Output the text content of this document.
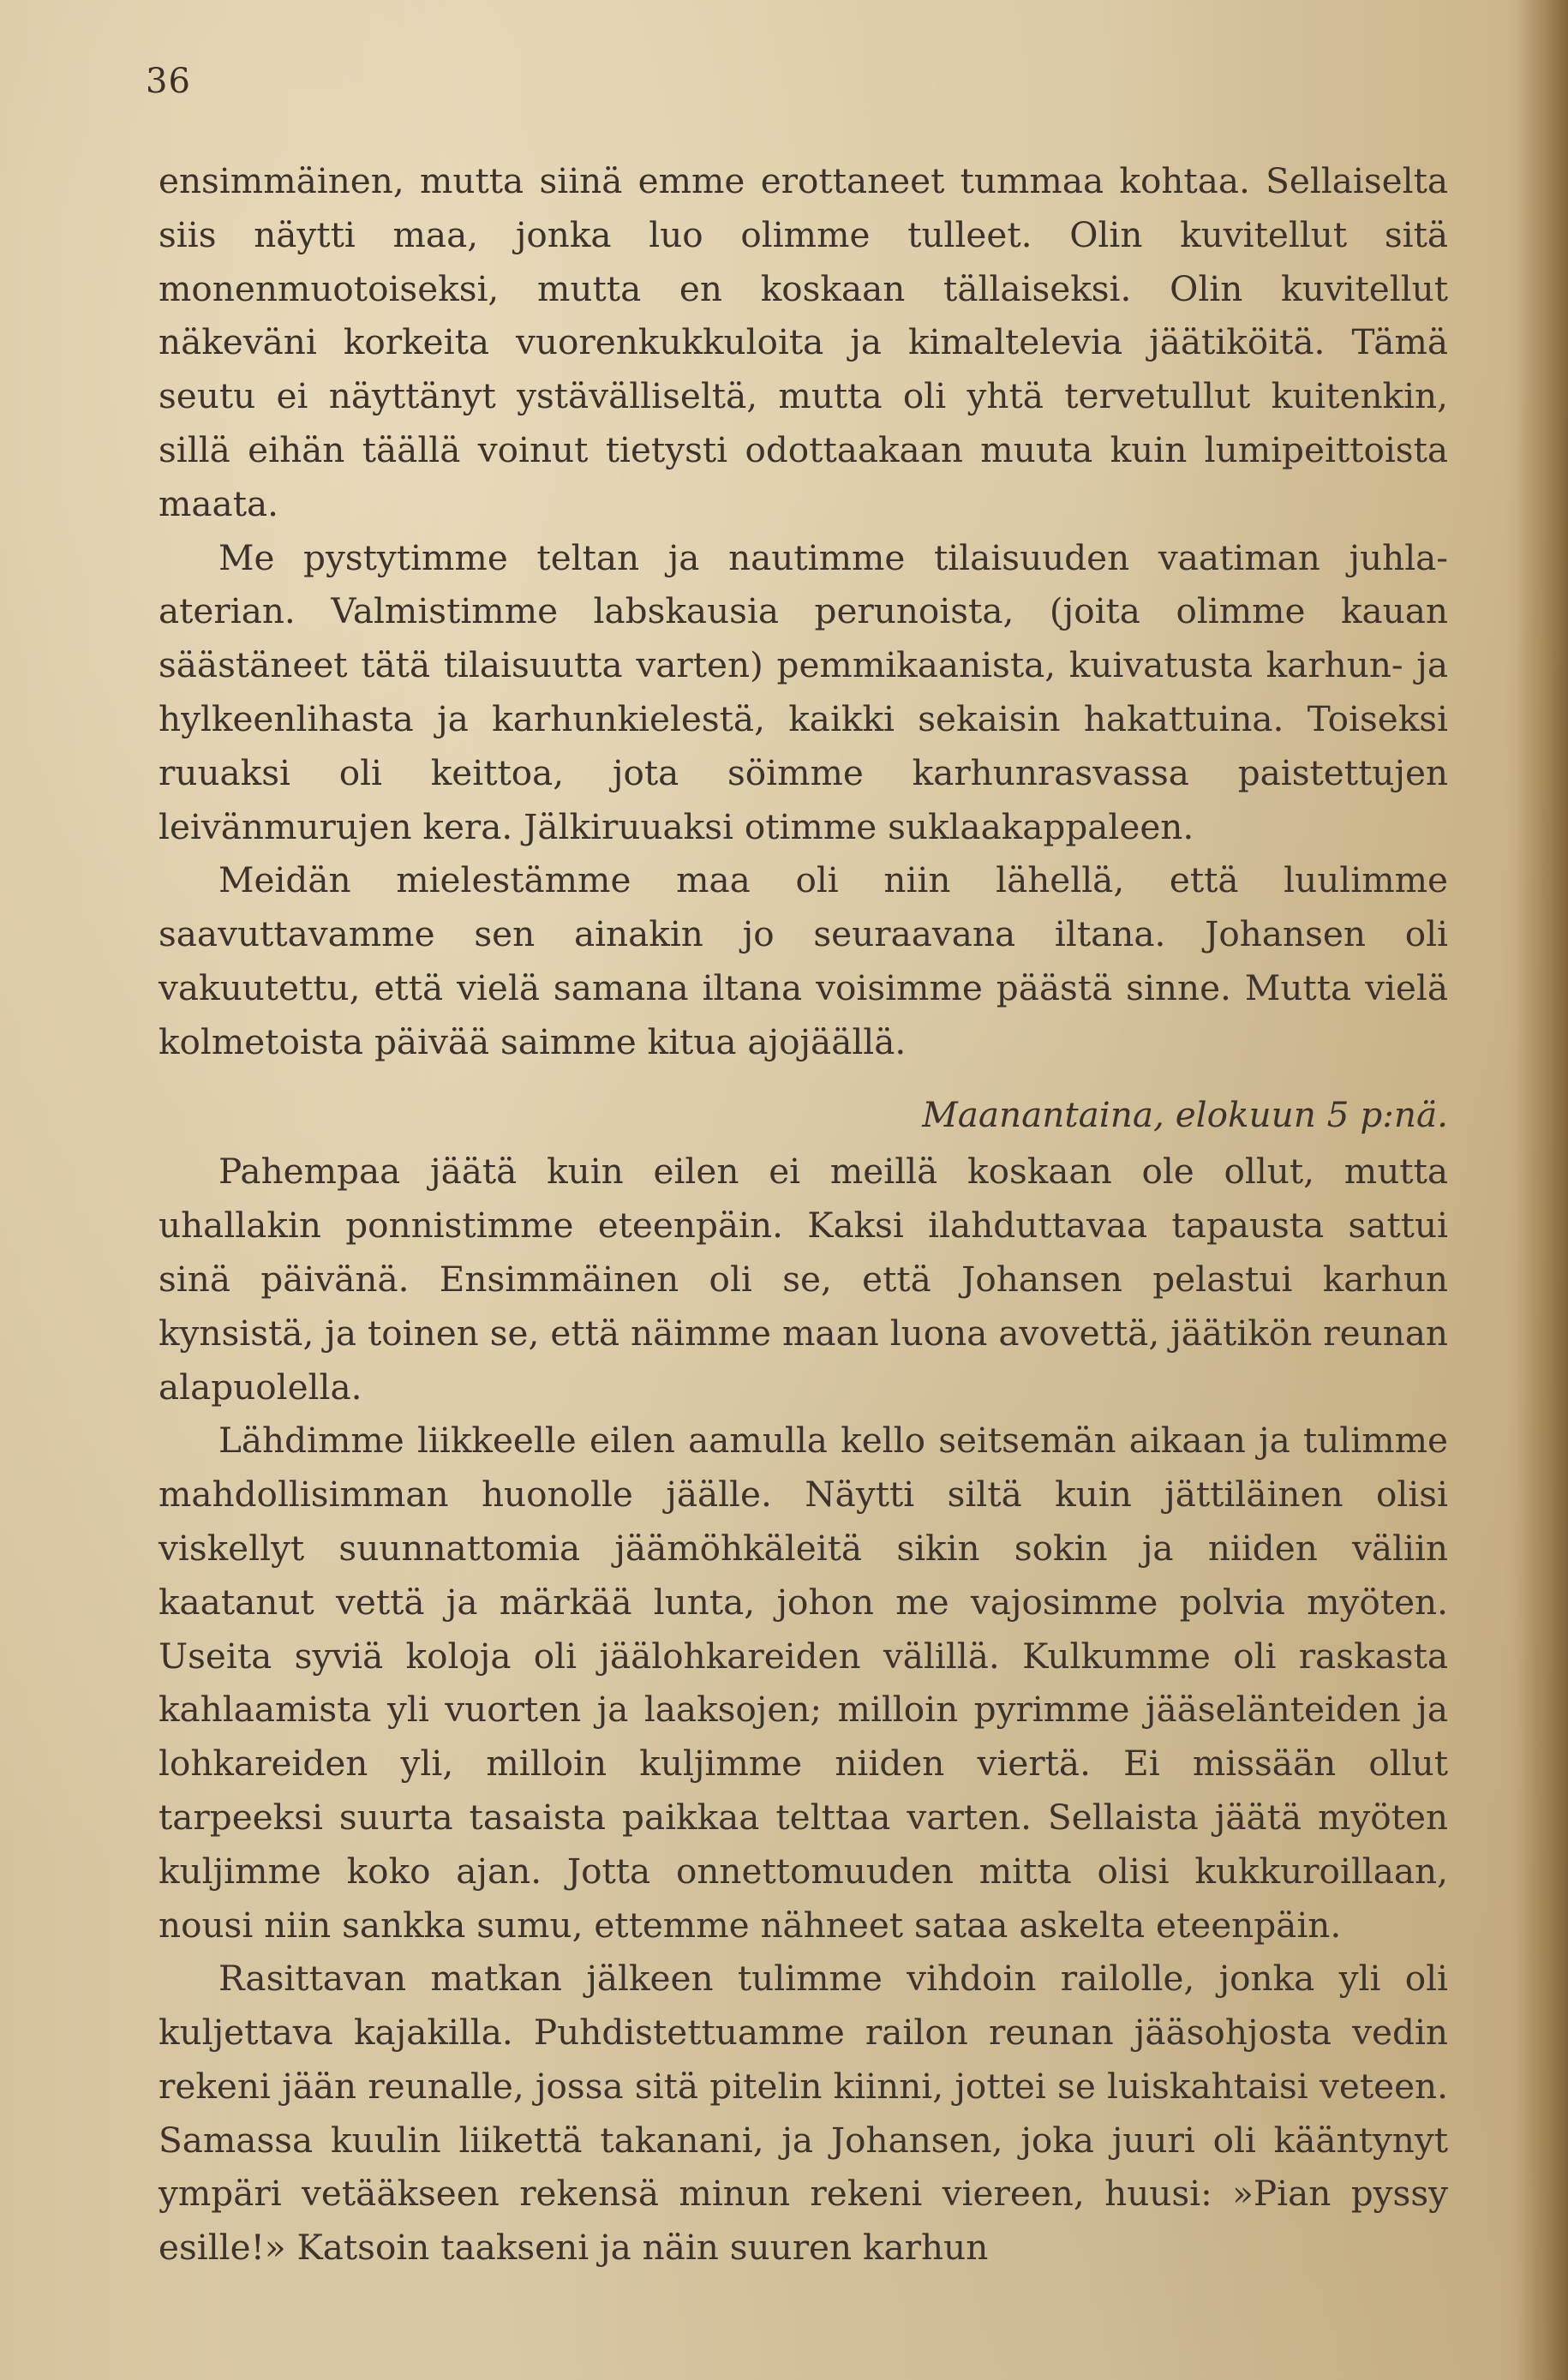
36

ensimmäinen, mutta siinä emme erottaneet tummaa kohtaa. Sellaiselta siis näytti maa, jonka luo olimme tulleet. Olin kuvitellut sitä monenmuotoiseksi, mutta en koskaan tällaiseksi. Olin kuvitellut näkeväni korkeita vuorenkukkuloita ja kimaltelevia jäätiköitä. Tämä seutu ei näyttänyt ystävälliseltä, mutta oli yhtä tervetullut kuitenkin, sillä eihän täällä voinut tietysti odottaakaan muuta kuin lumipeittoista maata.

Me pystytimme teltan ja nautimme tilaisuuden vaatiman juhla-aterian. Valmistimme labskausia perunoista, (joita olimme kauan säästäneet tätä tilaisuutta varten) pemmikaanista, kuivatusta karhun- ja hylkeenlihasta ja karhunkielestä, kaikki sekaisin hakattuina. Toiseksi ruuaksi oli keittoa, jota söimme karhunrasvassa paistettujen leivänmurujen kera. Jälkiruuaksi otimme suklaakappaleen.

Meidän mielestämme maa oli niin lähellä, että luulimme saavuttavamme sen ainakin jo seuraavana iltana. Johansen oli vakuutettu, että vielä samana iltana voisimme päästä sinne. Mutta vielä kolmetoista päivää saimme kitua ajojäällä.

Maanantaina, elokuun 5 p:nä.

Pahempaa jäätä kuin eilen ei meillä koskaan ole ollut, mutta uhallakin ponnistimme eteenpäin. Kaksi ilahduttavaa tapausta sattui sinä päivänä. Ensimmäinen oli se, että Johansen pelastui karhun kynsistä, ja toinen se, että näimme maan luona avovettä, jäätikön reunan alapuolella.

Lähdimme liikkeelle eilen aamulla kello seitsemän aikaan ja tulimme mahdollisimman huonolle jäälle. Näytti siltä kuin jättiläinen olisi viskellyt suunnattomia jäämöhkäleitä sikin sokin ja niiden väliin kaatanut vettä ja märkää lunta, johon me vajosimme polvia myöten. Useita syviä koloja oli jäälohkareiden välillä. Kulkumme oli raskasta kahlaamista yli vuorten ja laaksojen; milloin pyrimme jääselänteiden ja lohkareiden yli, milloin kuljimme niiden viertä. Ei missään ollut tarpeeksi suurta tasaista paikkaa telttaa varten. Sellaista jäätä myöten kuljimme koko ajan. Jotta onnettomuuden mitta olisi kukkuroillaan, nousi niin sankka sumu, ettemme nähneet sataa askelta eteenpäin.

Rasittavan matkan jälkeen tulimme vihdoin railolle, jonka yli oli kuljettava kajakilla. Puhdistettuamme railon reunan jääsohjosta vedin rekeni jään reunalle, jossa sitä pitelin kiinni, jottei se luiskahtaisi veteen. Samassa kuulin liikettä takanani, ja Johansen, joka juuri oli kääntynyt ympäri vetääkseen rekensä minun rekeni viereen, huusi: »Pian pyssy esille!» Katsoin taakseni ja näin suuren karhun
